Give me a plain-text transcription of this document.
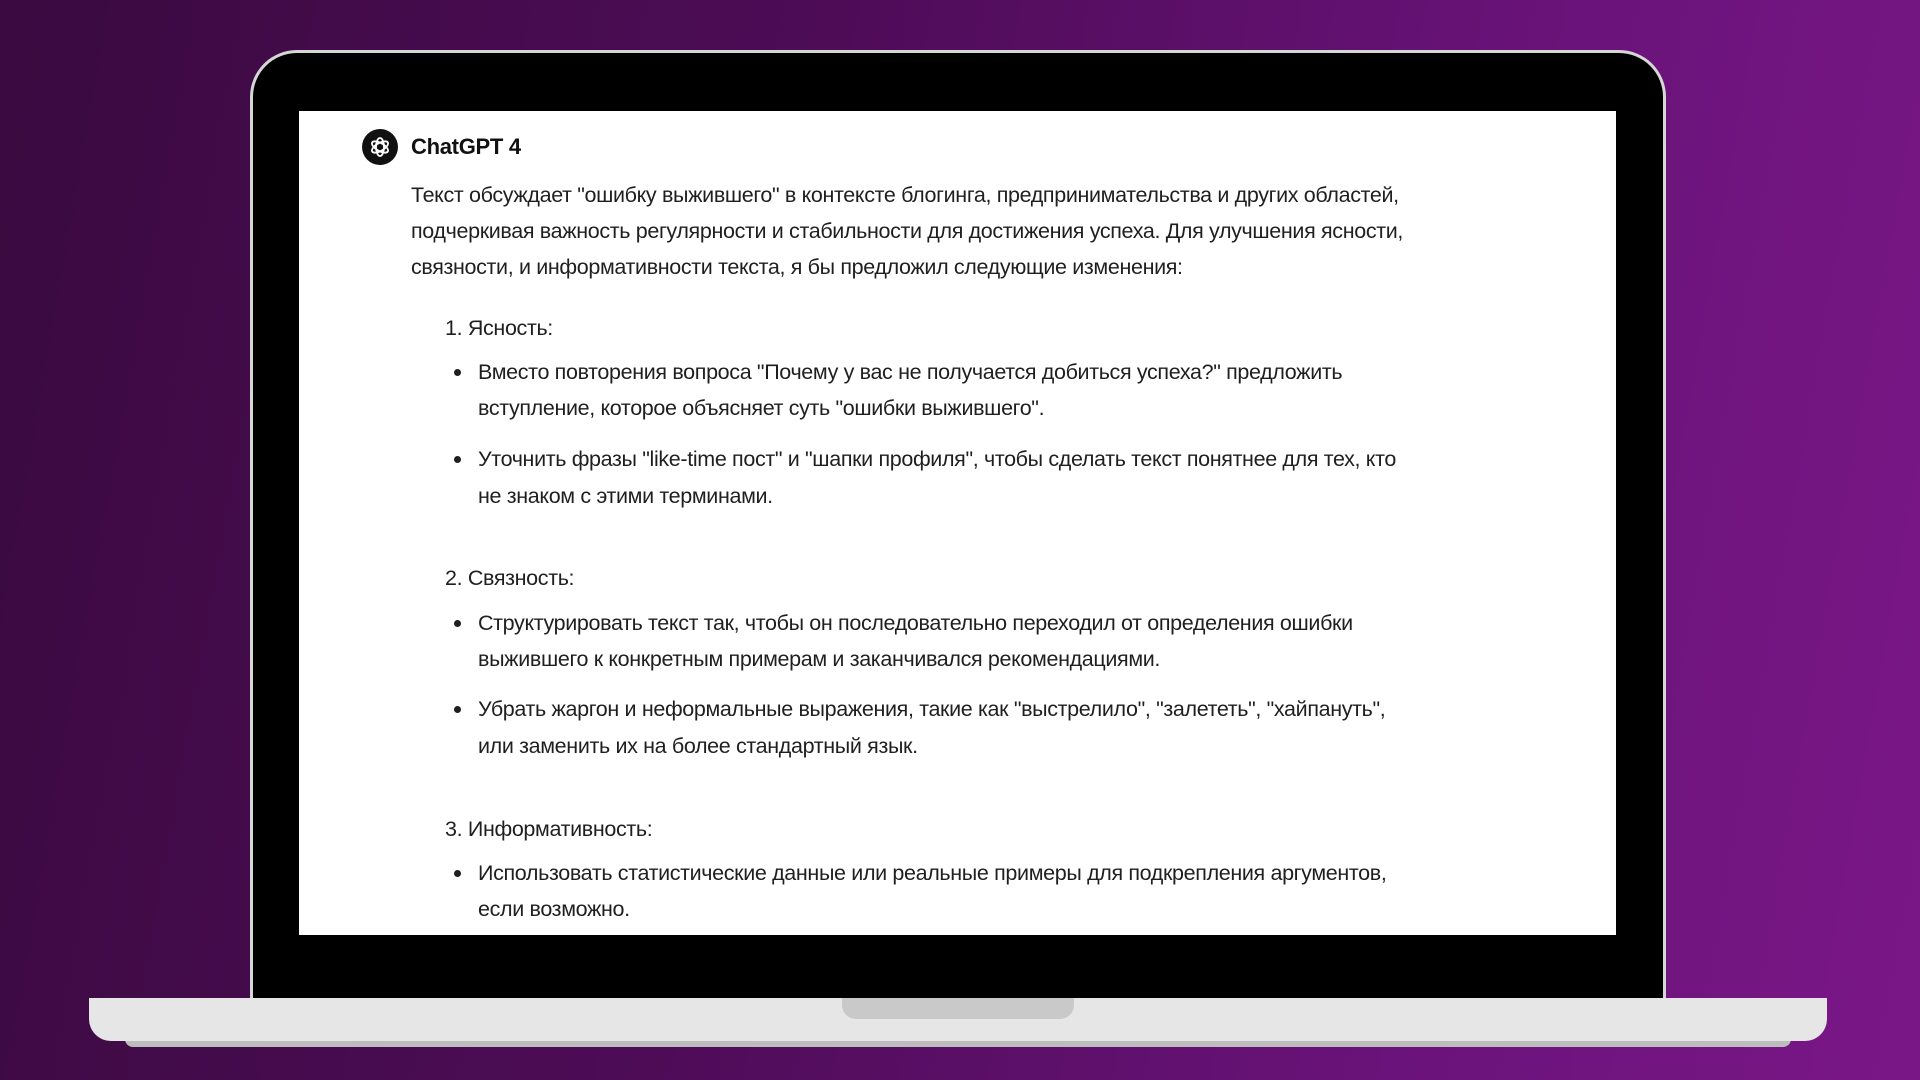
ChatGPT 4
Текст обсуждает "ошибку выжившего" в контексте блогинга, предпринимательства и других областей,
подчеркивая важность регулярности и стабильности для достижения успеха. Для улучшения ясности,
связности, и информативности текста, я бы предложил следующие изменения:
1. Ясность:
Вместо повторения вопроса "Почему у вас не получается добиться успеха?" предложить
вступление, которое объясняет суть "ошибки выжившего".
Уточнить фразы "like-time пост" и "шапки профиля", чтобы сделать текст понятнее для тех, кто
не знаком с этими терминами.
2. Связность:
Структурировать текст так, чтобы он последовательно переходил от определения ошибки
выжившего к конкретным примерам и заканчивался рекомендациями.
Убрать жаргон и неформальные выражения, такие как "выстрелило", "залететь", "хайпануть",
или заменить их на более стандартный язык.
3. Информативность:
Использовать статистические данные или реальные примеры для подкрепления аргументов,
если возможно.
